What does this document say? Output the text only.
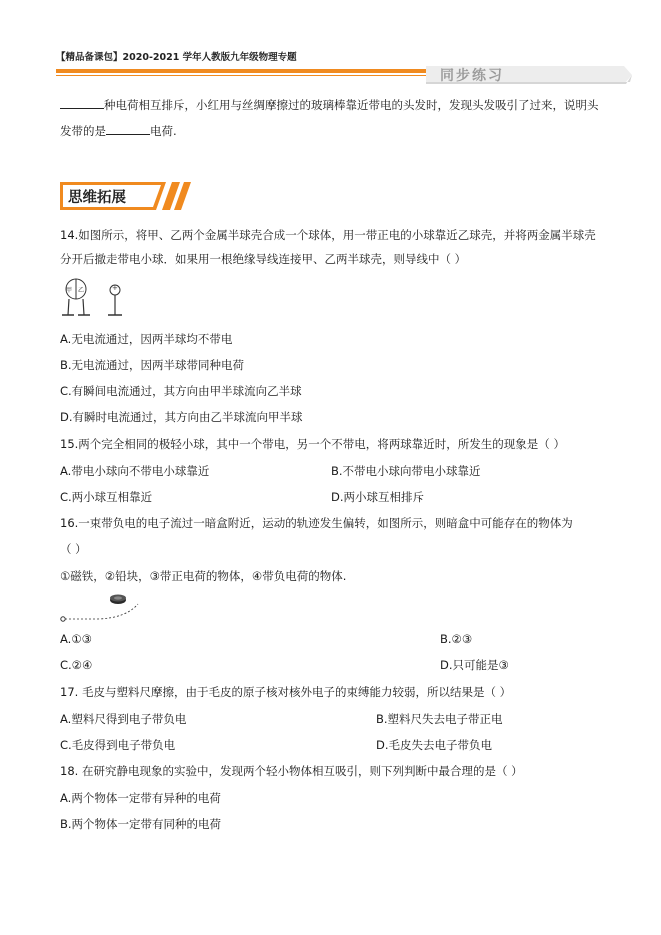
【精品备课包】2020-2021 学年人教版九年级物理专题
同步练习
种电荷相互排斥，小红用与丝绸摩擦过的玻璃棒靠近带电的头发时，发现头发吸引了过来，说明头
发带的是	电荷.
思维拓展
14.如图所示，将甲、乙两个金属半球壳合成一个球体，用一带正电的小球靠近乙球壳，并将两金属半球壳
分开后撤走带电小球．如果用一根绝缘导线连接甲、乙两半球壳，则导线中（ ）
甲 乙	+
A.无电流通过，因两半球均不带电
B.无电流通过，因两半球带同种电荷
C.有瞬间电流通过，其方向由甲半球流向乙半球
D.有瞬时电流通过，其方向由乙半球流向甲半球
15.两个完全相同的极轻小球，其中一个带电，另一个不带电，将两球靠近时，所发生的现象是（ ）
A.带电小球向不带电小球靠近	B.不带电小球向带电小球靠近
C.两小球互相靠近	D.两小球互相排斥
16.一束带负电的电子流过一暗盒附近，运动的轨迹发生偏转，如图所示，则暗盒中可能存在的物体为
（ ）
①磁铁，②铅块，③带正电荷的物体，④带负电荷的物体.
A.①③	B.②③
C.②④	D.只可能是③
17. 毛皮与塑料尺摩擦，由于毛皮的原子核对核外电子的束缚能力较弱，所以结果是（ ）
A.塑料尺得到电子带负电	B.塑料尺失去电子带正电
C.毛皮得到电子带负电	D.毛皮失去电子带负电
18. 在研究静电现象的实验中，发现两个轻小物体相互吸引，则下列判断中最合理的是（ ）
A.两个物体一定带有异种的电荷
B.两个物体一定带有同种的电荷
